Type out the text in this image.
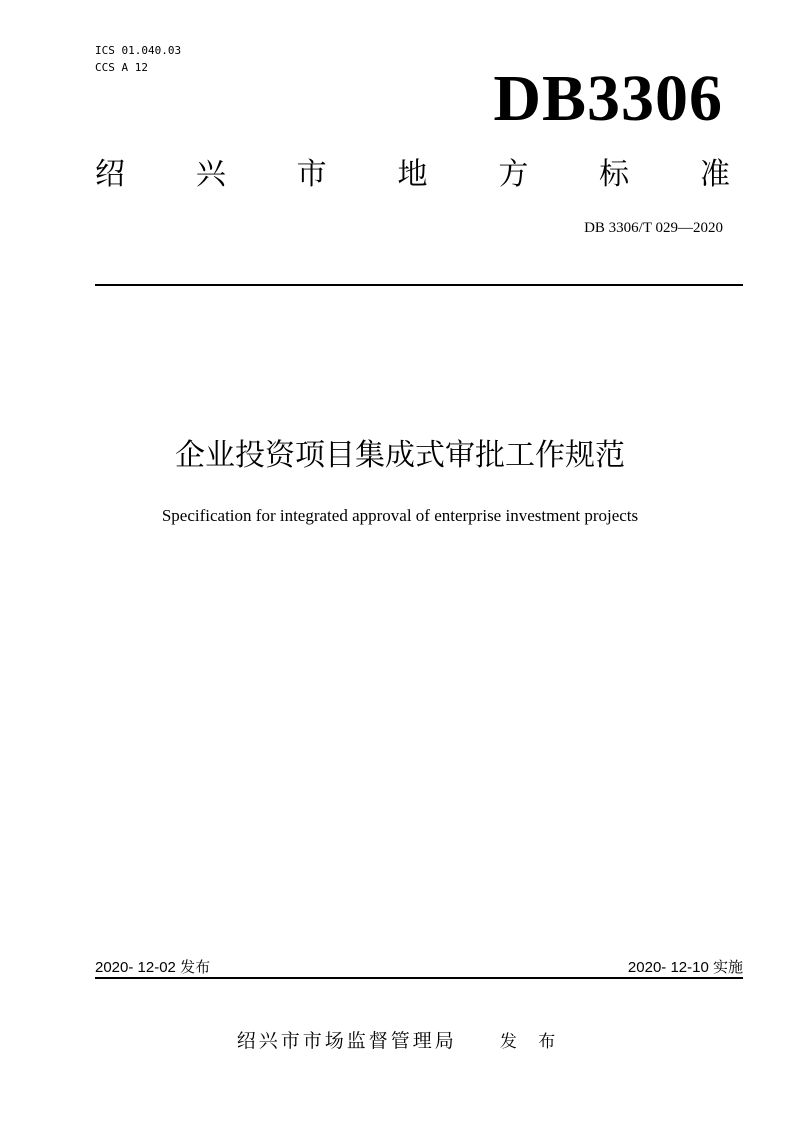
ICS 01.040.03
CCS A 12	DB3306
绍 兴 市 地 方 标 准
DB 3306/T 029—2020
企业投资项目集成式审批工作规范
Specification for integrated approval of enterprise investment projects
2020- 12-02 发布	2020- 12-10 实施
绍兴市市场监督管理局	发 布
